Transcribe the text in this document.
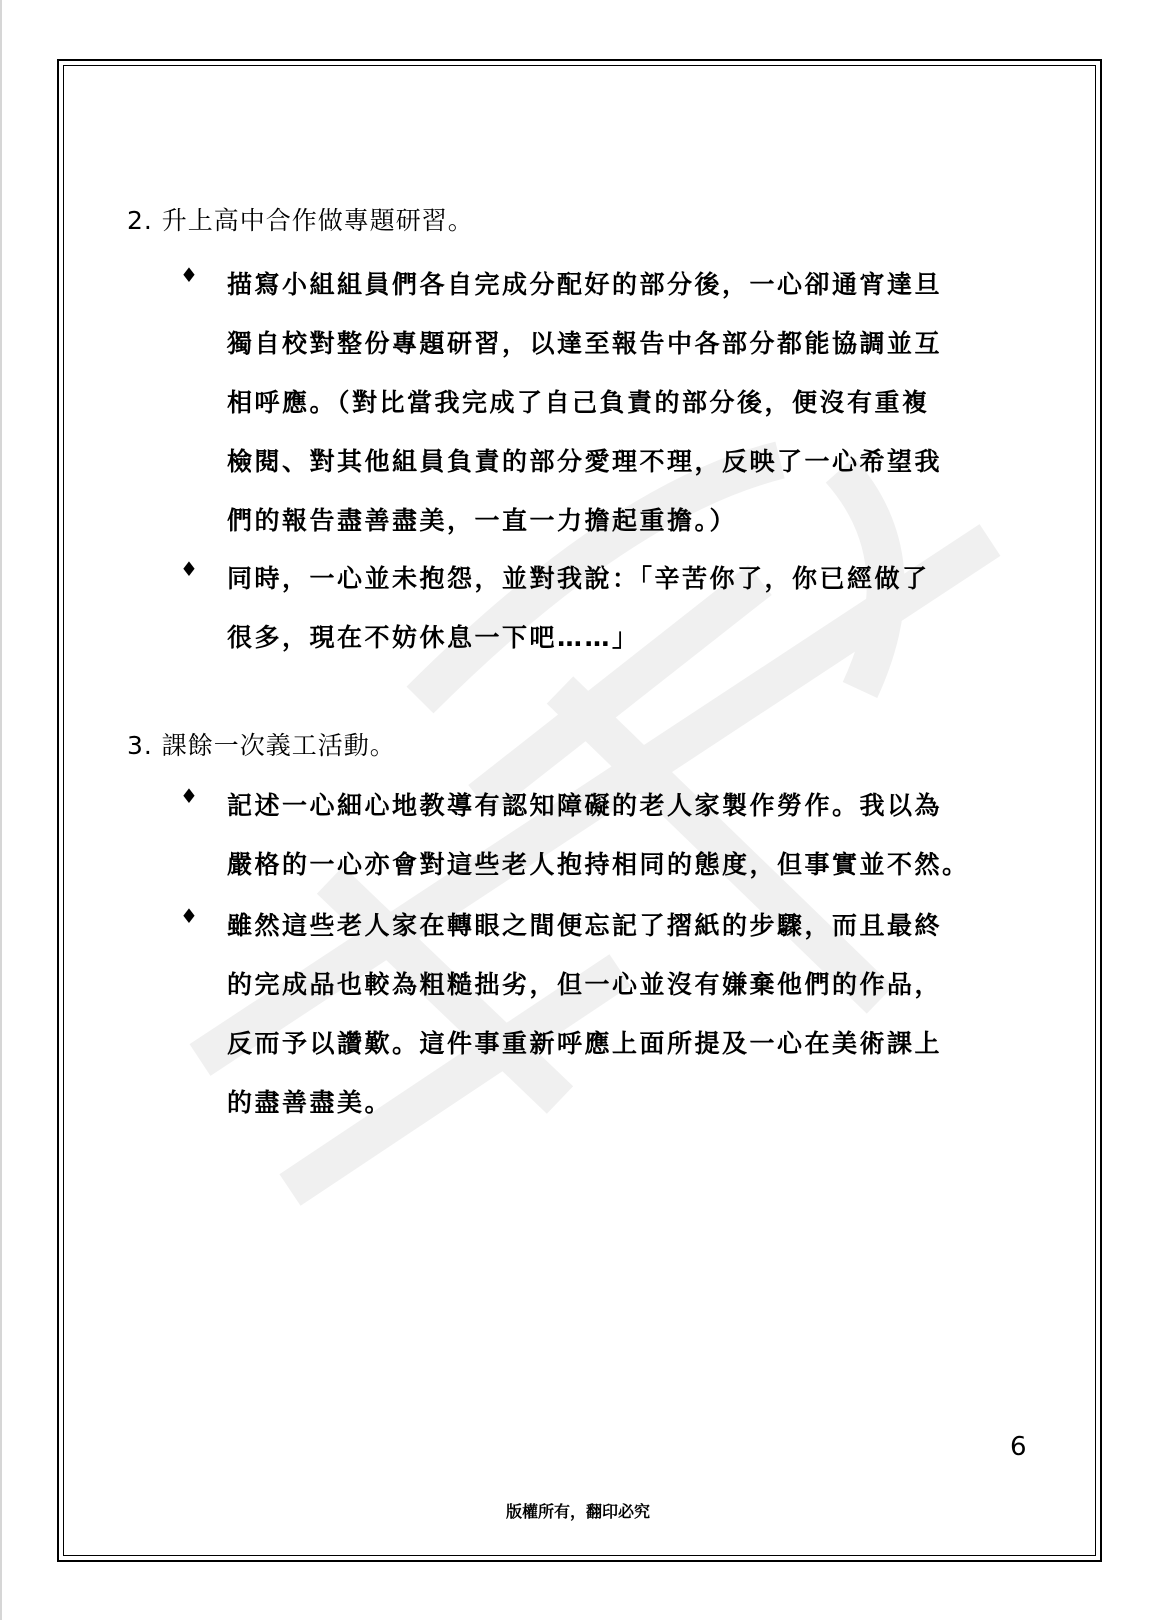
2. 升上高中合作做專題研習。
♦ 描寫小組組員們各自完成分配好的部分後，一心卻通宵達旦
獨自校對整份專題研習，以達至報告中各部分都能協調並互
相呼應。（對比當我完成了自己負責的部分後，便沒有重複
檢閱、對其他組員負責的部分愛理不理，反映了一心希望我
們的報告盡善盡美，一直一力擔起重擔。）

♦ 同時，一心並未抱怨，並對我說：「辛苦你了，你已經做了
很多，現在不妨休息一下吧……」

3. 課餘一次義工活動。
♦ 記述一心細心地教導有認知障礙的老人家製作勞作。我以為
嚴格的一心亦會對這些老人抱持相同的態度，但事實並不然。

♦ 雖然這些老人家在轉眼之間便忘記了摺紙的步驟，而且最終
的完成品也較為粗糙拙劣，但一心並沒有嫌棄他們的作品，
反而予以讚歎。這件事重新呼應上面所提及一心在美術課上
的盡善盡美。

6
版權所有，翻印必究
